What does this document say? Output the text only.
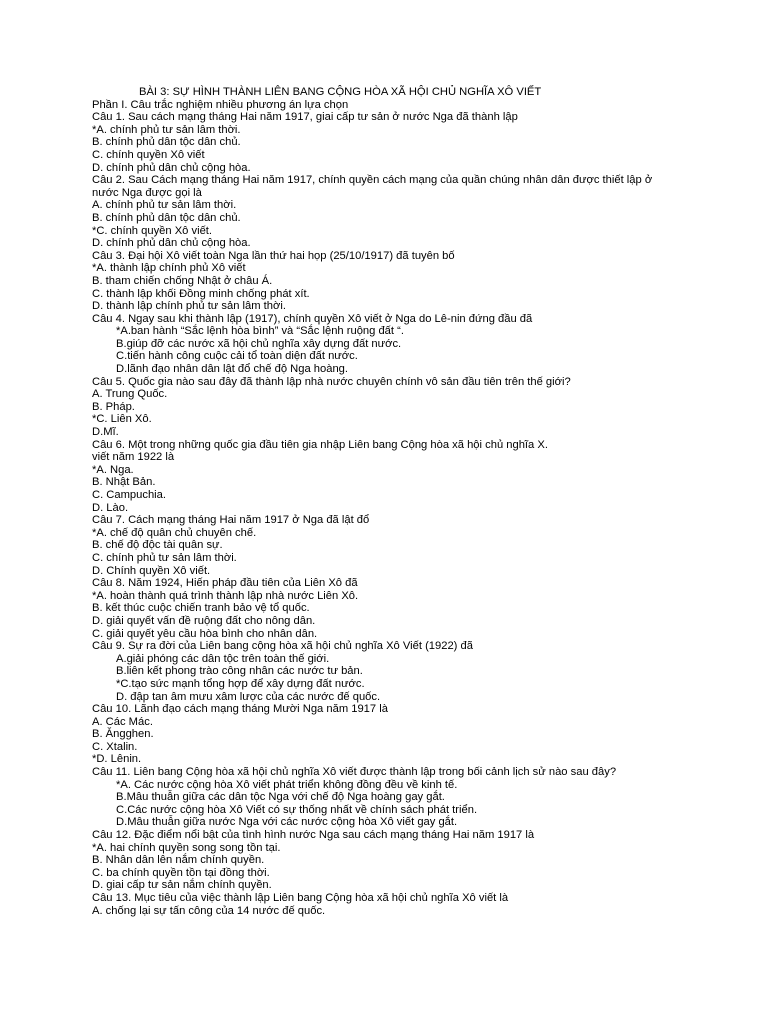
BÀI 3: SỰ HÌNH THÀNH LIÊN BANG CỘNG HÒA XÃ HỘI CHỦ NGHĨA XÔ VIẾT
Phần I. Câu trắc nghiệm nhiều phương án lựa chọn
Câu 1. Sau cách mạng tháng Hai năm 1917, giai cấp tư sản ở nước Nga đã thành lập
*A. chính phủ tư sản lâm thời.
B. chính phủ dân tộc dân chủ.
C. chính quyền Xô viết
D. chính phủ dân chủ cộng hòa.
Câu 2. Sau Cách mạng tháng Hai năm 1917, chính quyền cách mạng của quần chúng nhân dân được thiết lập ở
nước Nga được gọi là
A. chính phủ tư sản lâm thời.
B. chính phủ dân tộc dân chủ.
*C. chính quyền Xô viết.
D. chính phủ dân chủ cộng hòa.
Câu 3. Đại hội Xô viết toàn Nga lần thứ hai họp (25/10/1917) đã tuyên bố
*A. thành lập chính phủ Xô viết
B. tham chiến chống Nhật ở châu Á.
C. thành lập khối Đồng minh chống phát xít.
D. thành lập chính phủ tư sản lâm thời.
Câu 4. Ngay sau khi thành lập (1917), chính quyền Xô viết ở Nga do Lê-nin đứng đầu đã
*A.ban hành “Sắc lệnh hòa bình” và “Sắc lệnh ruộng đất “.
B.giúp đỡ các nước xã hội chủ nghĩa xây dựng đất nước.
C.tiến hành công cuộc cải tổ toàn diện đất nước.
D.lãnh đạo nhân dân lật đổ chế độ Nga hoàng.
Câu 5. Quốc gia nào sau đây đã thành lập nhà nước chuyên chính vô sản đầu tiên trên thế giới?
A. Trung Quốc.
B. Pháp.
*C. Liên Xô.
D.Mĩ.
Câu 6. Một trong những quốc gia đầu tiên gia nhập Liên bang Cộng hòa xã hội chủ nghĩa X.
viết năm 1922 là
*A. Nga.
B. Nhật Bản.
C. Campuchia.
D. Lào.
Câu 7. Cách mạng tháng Hai năm 1917 ở Nga đã lật đổ
*A. chế độ quân chủ chuyên chế.
B. chế độ độc tài quân sự.
C. chính phủ tư sản lâm thời.
D. Chính quyền Xô viết.
Câu 8. Năm 1924, Hiến pháp đầu tiên của Liên Xô đã
*A. hoàn thành quá trình thành lập nhà nước Liên Xô.
B. kết thúc cuộc chiến tranh bảo vệ tổ quốc.
D. giải quyết vấn đề ruộng đất cho nông dân.
C. giải quyết yêu cầu hòa bình cho nhân dân.
Câu 9. Sự ra đời của Liên bang cộng hòa xã hội chủ nghĩa Xô Viết (1922) đã
A.giải phóng các dân tộc trên toàn thế giới.
B.liên kết phong trào công nhân các nước tư bản.
*C.tạo sức mạnh tổng hợp để xây dựng đất nước.
D. đập tan âm mưu xâm lược của các nước đế quốc.
Câu 10. Lãnh đạo cách mạng tháng Mười Nga năm 1917 là
A. Các Mác.
B. Ăngghen.
C. Xtalin.
*D. Lênin.
Câu 11. Liên bang Cộng hòa xã hội chủ nghĩa Xô viết được thành lập trong bối cảnh lịch sử nào sau đây?
*A. Các nước cộng hòa Xô viết phát triển không đồng đều về kinh tế.
B.Mâu thuẫn giữa các dân tộc Nga với chế độ Nga hoàng gay gắt.
C.Các nước cộng hòa Xô Viết có sự thống nhất về chính sách phát triển.
D.Mâu thuẫn giữa nước Nga với các nước cộng hòa Xô viết gay gắt.
Câu 12. Đặc điểm nổi bật của tình hình nước Nga sau cách mạng tháng Hai năm 1917 là
*A. hai chính quyền song song tồn tại.
B. Nhân dân lên nắm chính quyền.
C. ba chính quyền tồn tại đồng thời.
D. giai cấp tư sản nắm chính quyền.
Câu 13. Mục tiêu của việc thành lập Liên bang Cộng hòa xã hội chủ nghĩa Xô viết là
A. chống lại sự tấn công của 14 nước đế quốc.
